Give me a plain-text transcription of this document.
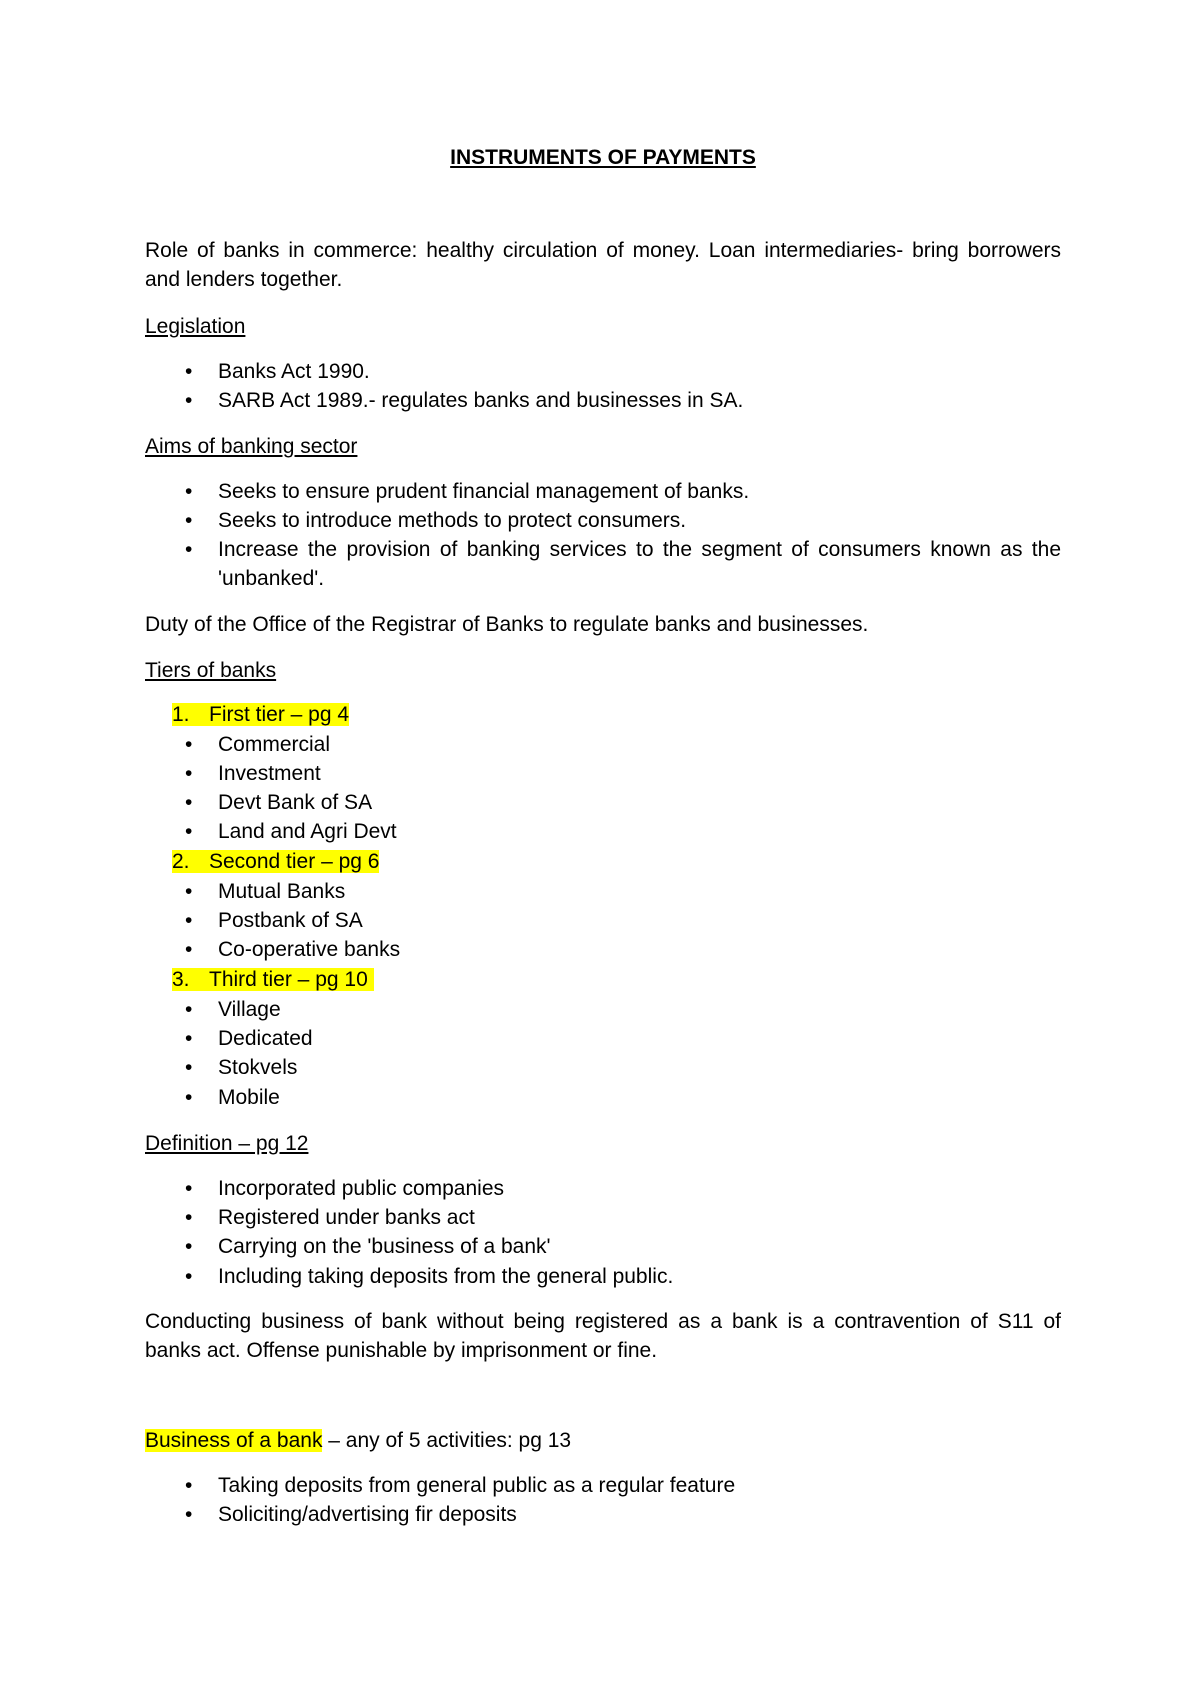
INSTRUMENTS OF PAYMENTS
Role of banks in commerce: healthy circulation of money. Loan intermediaries- bring borrowers and lenders together.
Legislation
• Banks Act 1990.
• SARB Act 1989.- regulates banks and businesses in SA.
Aims of banking sector
• Seeks to ensure prudent financial management of banks.
• Seeks to introduce methods to protect consumers.
• Increase the provision of banking services to the segment of consumers known as the 'unbanked'.
Duty of the Office of the Registrar of Banks to regulate banks and businesses.
Tiers of banks
1. First tier – pg 4
• Commercial
• Investment
• Devt Bank of SA
• Land and Agri Devt
2. Second tier – pg 6
• Mutual Banks
• Postbank of SA
• Co-operative banks
3. Third tier – pg 10
• Village
• Dedicated
• Stokvels
• Mobile
Definition – pg 12
• Incorporated public companies
• Registered under banks act
• Carrying on the 'business of a bank'
• Including taking deposits from the general public.
Conducting business of bank without being registered as a bank is a contravention of S11 of banks act. Offense punishable by imprisonment or fine.
Business of a bank – any of 5 activities: pg 13
• Taking deposits from general public as a regular feature
• Soliciting/advertising fir deposits
